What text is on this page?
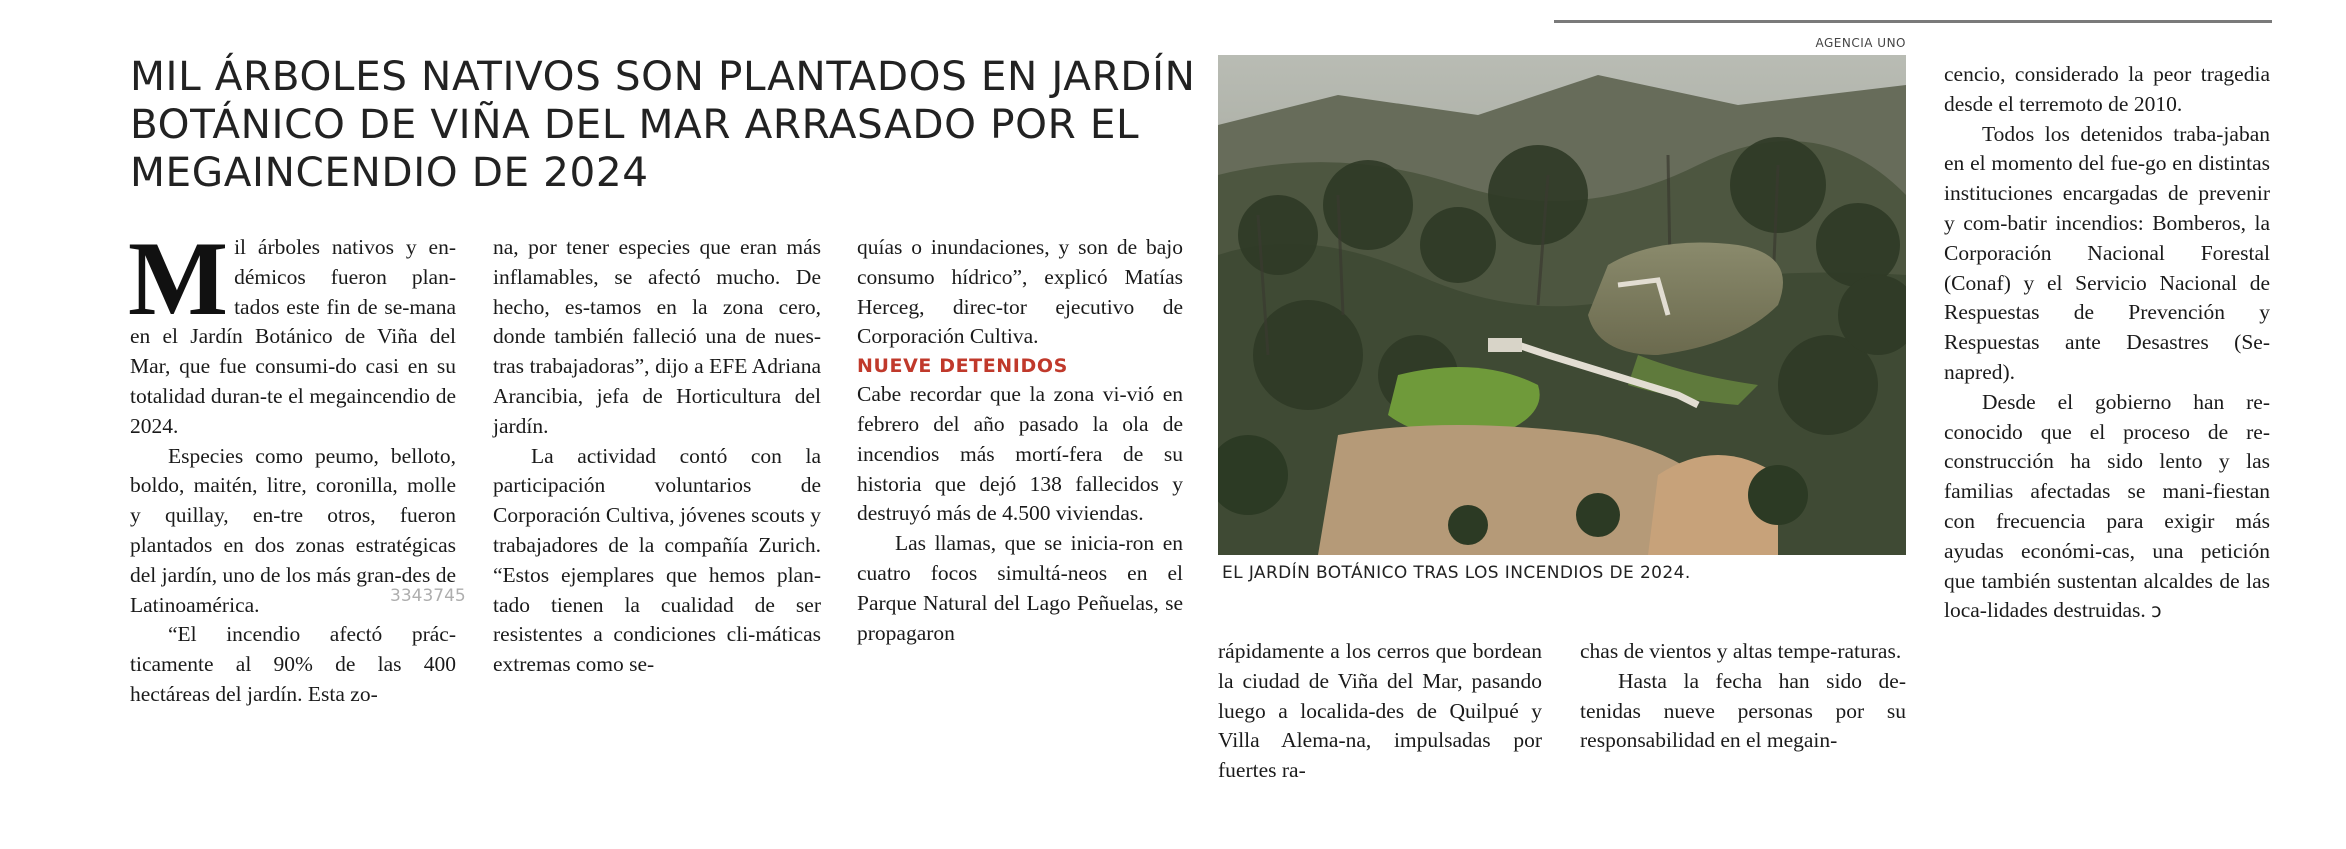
MIL ÁRBOLES NATIVOS SON PLANTADOS EN JARDÍN BOTÁNICO DE VIÑA DEL MAR ARRASADO POR EL MEGAINCENDIO DE 2024

Mil árboles nativos y en-démicos fueron plan-tados este fin de se-mana en el Jardín Botánico de Viña del Mar, que fue consumi-do casi en su totalidad duran-te el megaincendio de 2024.

Especies como peumo, belloto, boldo, maitén, litre, coronilla, molle y quillay, en-tre otros, fueron plantados en dos zonas estratégicas del jardín, uno de los más gran-des de Latinoamérica.

“El incendio afectó prác-ticamente al 90% de las 400 hectáreas del jardín. Esta zo-

3343745

na, por tener especies que eran más inflamables, se afectó mucho. De hecho, es-tamos en la zona cero, donde también falleció una de nues-tras trabajadoras”, dijo a EFE Adriana Arancibia, jefa de Horticultura del jardín.

La actividad contó con la participación voluntarios de Corporación Cultiva, jóvenes scouts y trabajadores de la compañía Zurich. “Estos ejemplares que hemos plan-tado tienen la cualidad de ser resistentes a condiciones cli-máticas extremas como se-

quías o inundaciones, y son de bajo consumo hídrico”, explicó Matías Herceg, direc-tor ejecutivo de Corporación Cultiva.

NUEVE DETENIDOS

Cabe recordar que la zona vi-vió en febrero del año pasado la ola de incendios más mortí-fera de su historia que dejó 138 fallecidos y destruyó más de 4.500 viviendas.

Las llamas, que se inicia-ron en cuatro focos simultá-neos en el Parque Natural del Lago Peñuelas, se propagaron

AGENCIA UNO
EL JARDÍN BOTÁNICO TRAS LOS INCENDIOS DE 2024.

rápidamente a los cerros que bordean la ciudad de Viña del Mar, pasando luego a localida-des de Quilpué y Villa Alema-na, impulsadas por fuertes ra-

chas de vientos y altas tempe-raturas.

Hasta la fecha han sido de-tenidas nueve personas por su responsabilidad en el megain-

cencio, considerado la peor tragedia desde el terremoto de 2010.

Todos los detenidos traba-jaban en el momento del fue-go en distintas instituciones encargadas de prevenir y com-batir incendios: Bomberos, la Corporación Nacional Forestal (Conaf) y el Servicio Nacional de Respuestas de Prevención y Respuestas ante Desastres (Se-napred).

Desde el gobierno han re-conocido que el proceso de re-construcción ha sido lento y las familias afectadas se mani-fiestan con frecuencia para exigir más ayudas económi-cas, una petición que también sustentan alcaldes de las loca-lidades destruidas. ↄ
